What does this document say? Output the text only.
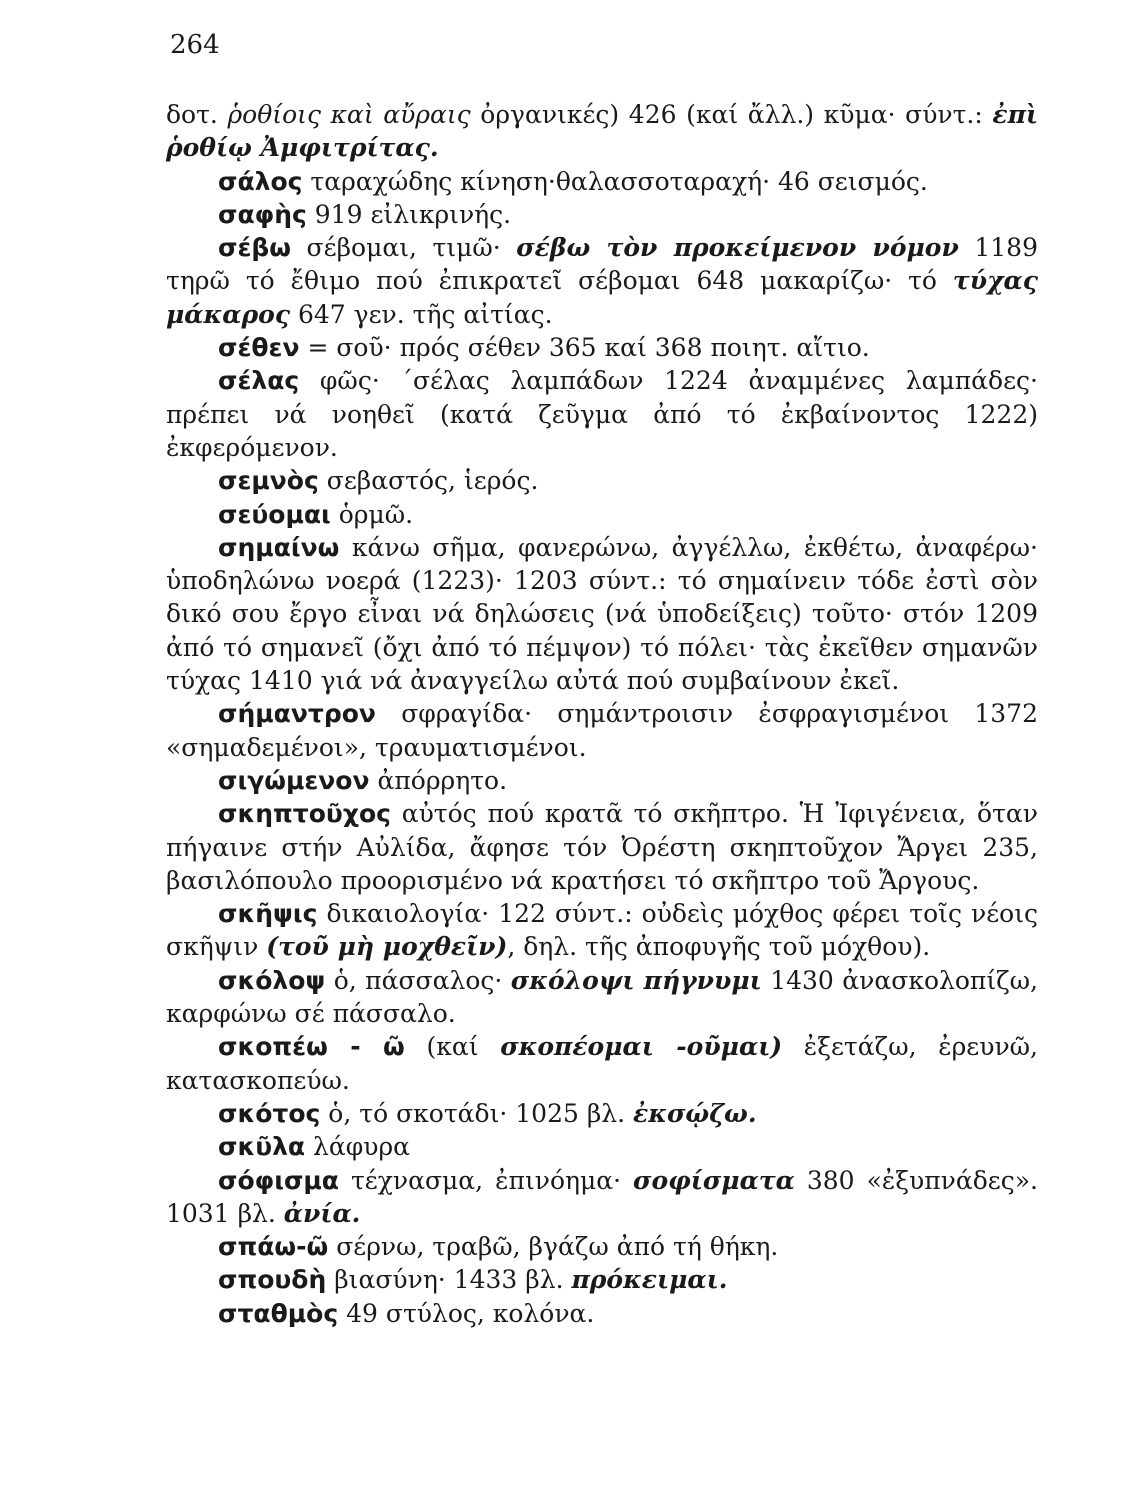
264

δοτ. ῥοθίοις καὶ αὔραις ὀργανικές) 426 (καί ἄλλ.) κῦμα· σύντ.: ἐπὶ ῥοθίῳ Ἀμφιτρίτας.

σάλος ταραχώδης κίνηση·θαλασσοταραχή· 46 σεισμός.

σαφὴς 919 εἰλικρινής.

σέβω σέβομαι, τιμῶ· σέβω τὸν προκείμενον νόμον 1189 τηρῶ τό ἔθιμο πού ἐπικρατεῖ σέβομαι 648 μακαρίζω· τό τύχας μάκαρος 647 γεν. τῆς αἰτίας.

σέθεν = σοῦ· πρός σέθεν 365 καί 368 ποιητ. αἴτιο.

σέλας φῶς· ΄σέλας λαμπάδων 1224 ἀναμμένες λαμπάδες· πρέπει νά νοηθεῖ (κατά ζεῦγμα ἀπό τό ἐκβαίνοντος 1222) ἐκφερόμενον.

σεμνὸς σεβαστός, ἱερός.

σεύομαι ὁρμῶ.

σημαίνω κάνω σῆμα, φανερώνω, ἀγγέλλω, ἐκθέτω, ἀναφέρω· ὑποδηλώνω νοερά (1223)· 1203 σύντ.: τό σημαίνειν τόδε ἐστὶ σὸν δικό σου ἔργο εἶναι νά δηλώσεις (νά ὑποδείξεις) τοῦτο· στόν 1209 ἀπό τό σημανεῖ (ὄχι ἀπό τό πέμψον) τό πόλει· τὰς ἐκεῖθεν σημανῶν τύχας 1410 γιά νά ἀναγγείλω αὐτά πού συμβαίνουν ἐκεῖ.

σήμαντρον σφραγίδα· σημάντροισιν ἐσφραγισμένοι 1372 «σημαδεμένοι», τραυματισμένοι.

σιγώμενον ἀπόρρητο.

σκηπτοῦχος αὐτός πού κρατᾶ τό σκῆπτρο. Ἡ Ἰφιγένεια, ὅταν πήγαινε στήν Αὐλίδα, ἄφησε τόν Ὀρέστη σκηπτοῦχον Ἄργει 235, βασιλόπουλο προορισμένο νά κρατήσει τό σκῆπτρο τοῦ Ἄργους.

σκῆψις δικαιολογία· 122 σύντ.: οὐδεὶς μόχθος φέρει τοῖς νέοις σκῆψιν (τοῦ μὴ μοχθεῖν), δηλ. τῆς ἀποφυγῆς τοῦ μόχθου).

σκόλοψ ὁ, πάσσαλος· σκόλοψι πήγνυμι 1430 ἀνασκολοπίζω, καρφώνω σέ πάσσαλο.

σκοπέω - ῶ (καί σκοπέομαι -οῦμαι) ἐξετάζω, ἐρευνῶ, κατασκοπεύω.

σκότος ὁ, τό σκοτάδι· 1025 βλ. ἐκσῴζω.

σκῦλα λάφυρα

σόφισμα τέχνασμα, ἐπινόημα· σοφίσματα 380 «ἐξυπνάδες». 1031 βλ. ἀνία.

σπάω-ῶ σέρνω, τραβῶ, βγάζω ἀπό τή θήκη.

σπουδὴ βιασύνη· 1433 βλ. πρόκειμαι.

σταθμὸς 49 στύλος, κολόνα.
